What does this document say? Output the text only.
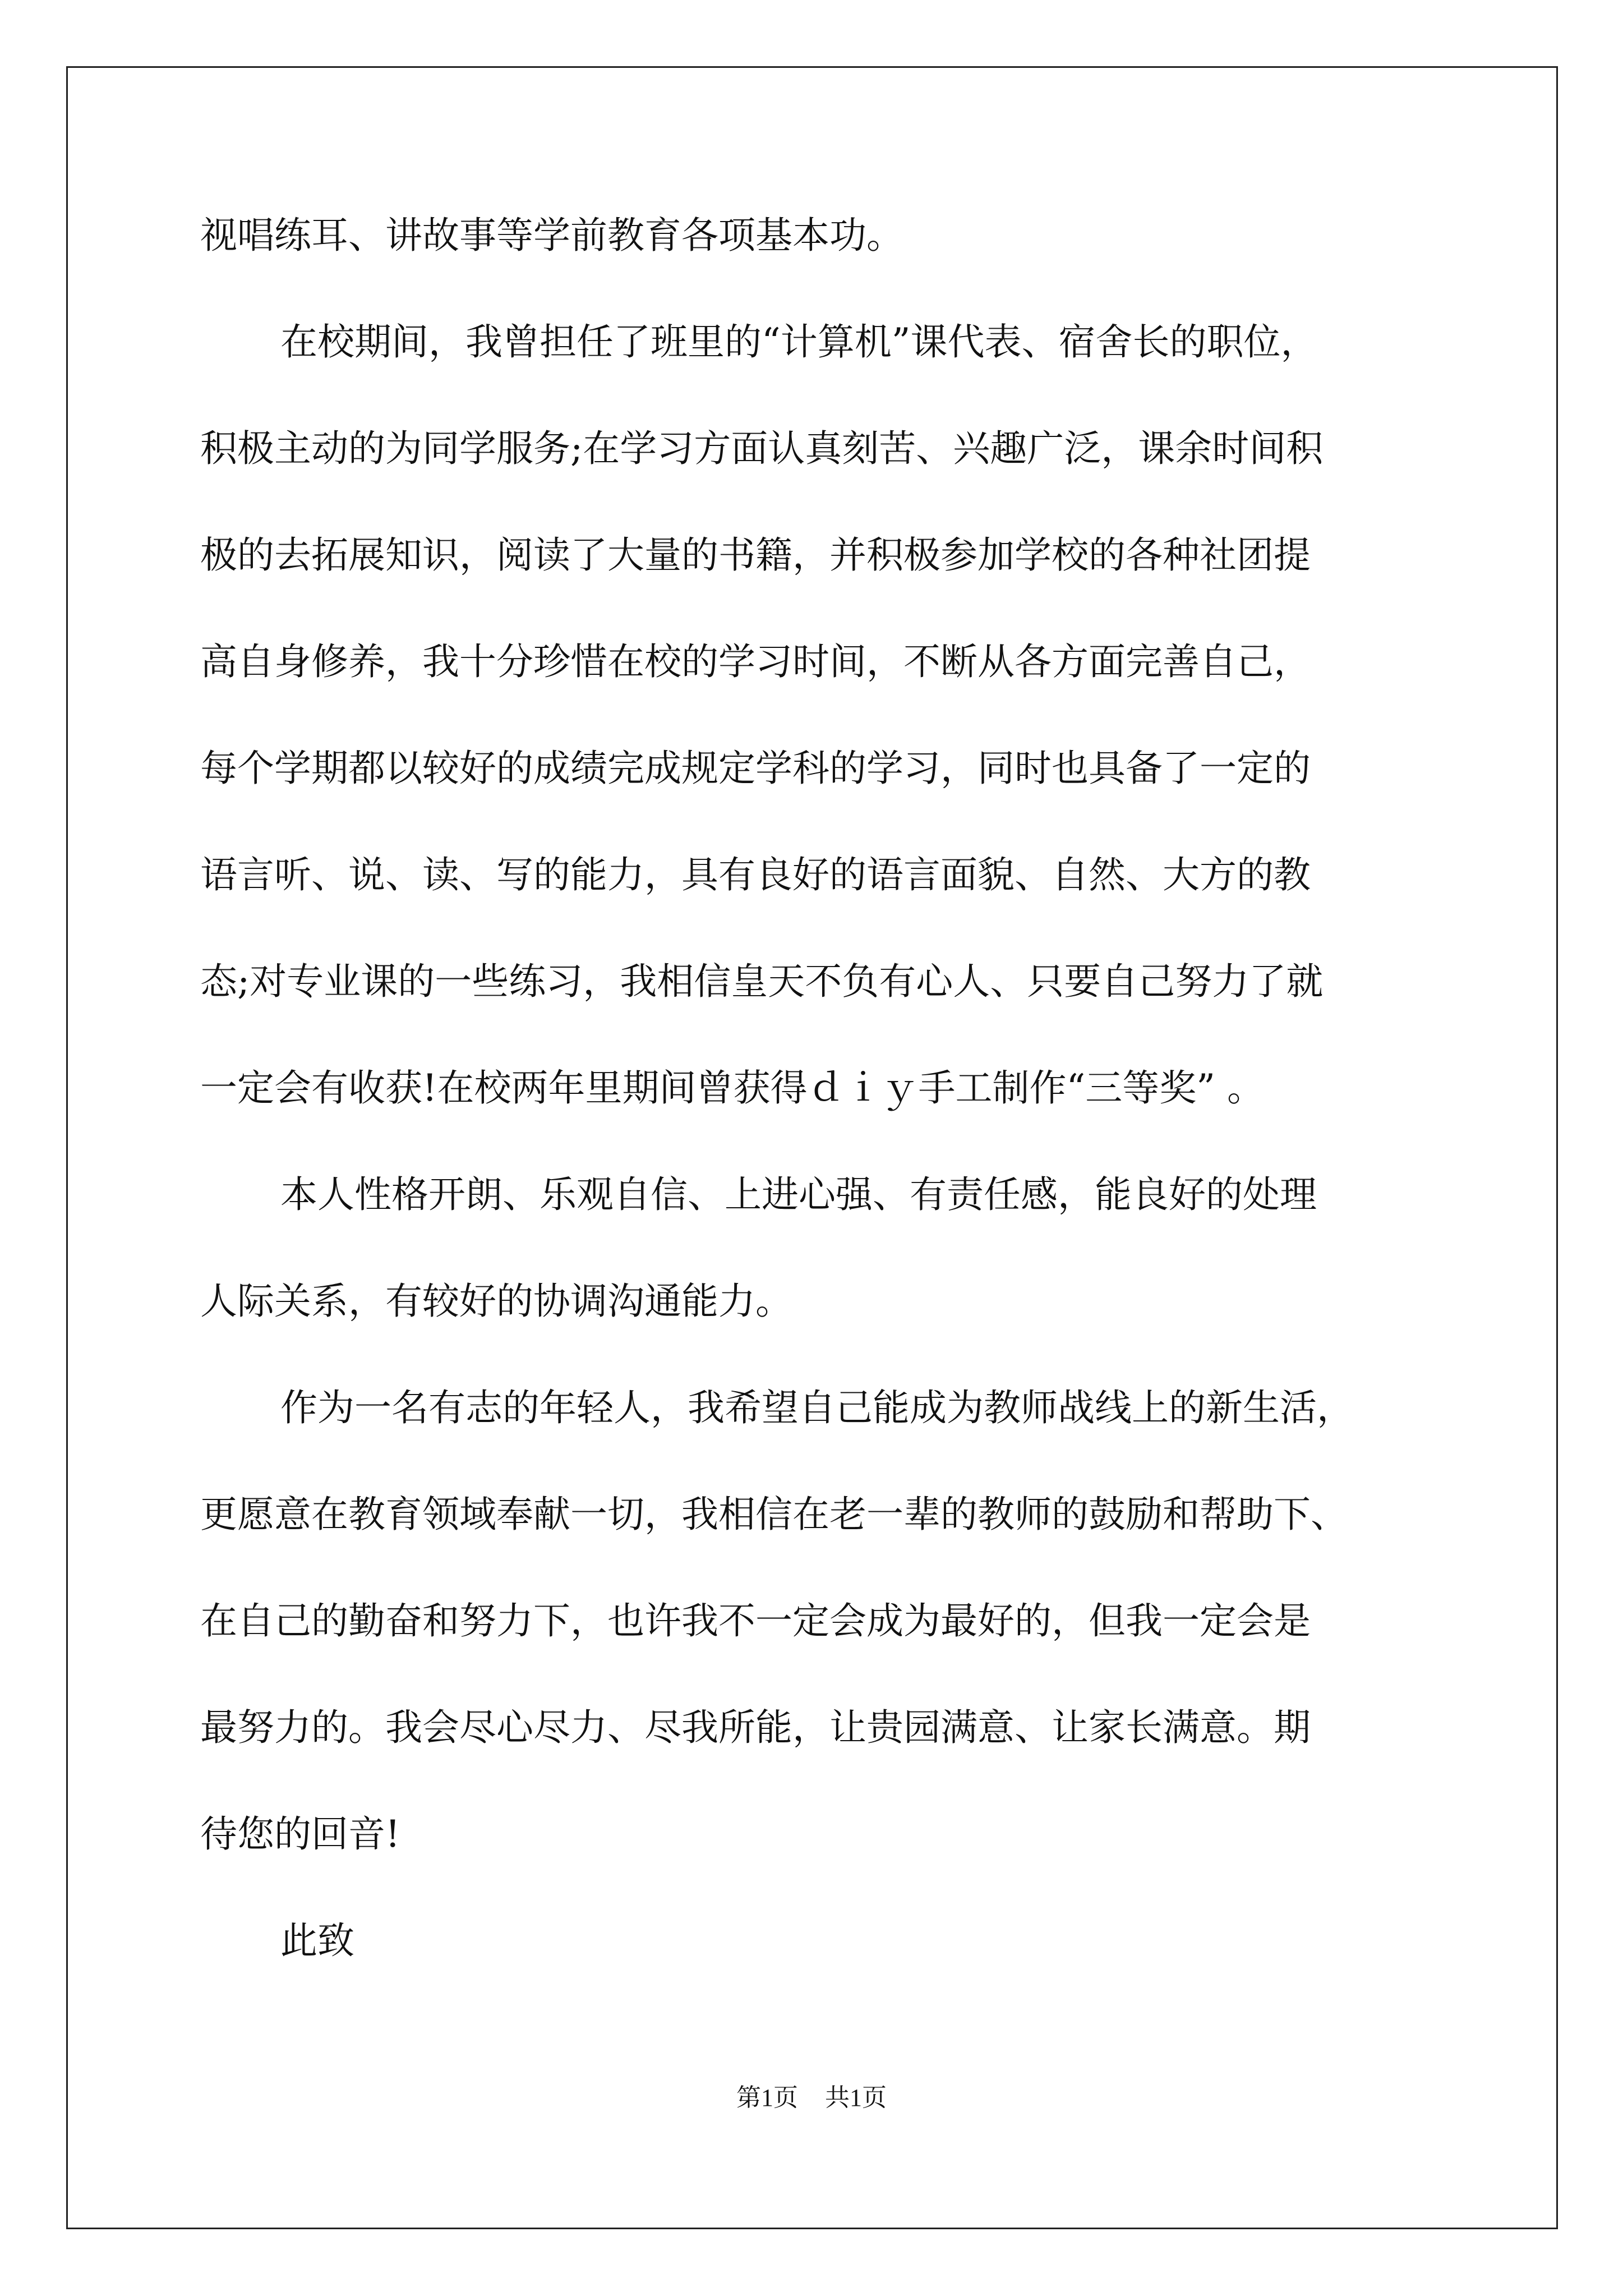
视唱练耳、讲故事等学前教育各项基本功。

在校期间，我曾担任了班里的“计算机”课代表、宿舍长的职位，

积极主动的为同学服务;在学习方面认真刻苦、兴趣广泛，课余时间积

极的去拓展知识，阅读了大量的书籍，并积极参加学校的各种社团提

高自身修养，我十分珍惜在校的学习时间，不断从各方面完善自己，

每个学期都以较好的成绩完成规定学科的学习，同时也具备了一定的

语言听、说、读、写的能力，具有良好的语言面貌、自然、大方的教

态;对专业课的一些练习，我相信皇天不负有心人、只要自己努力了就

一定会有收获!在校两年里期间曾获得ｄｉｙ手工制作“三等奖” 。

本人性格开朗、乐观自信、上进心强、有责任感，能良好的处理

人际关系，有较好的协调沟通能力。

作为一名有志的年轻人，我希望自己能成为教师战线上的新生活，

更愿意在教育领域奉献一切，我相信在老一辈的教师的鼓励和帮助下、

在自己的勤奋和努力下，也许我不一定会成为最好的，但我一定会是

最努力的。我会尽心尽力、尽我所能，让贵园满意、让家长满意。期

待您的回音!

此致

第1页 共1页
